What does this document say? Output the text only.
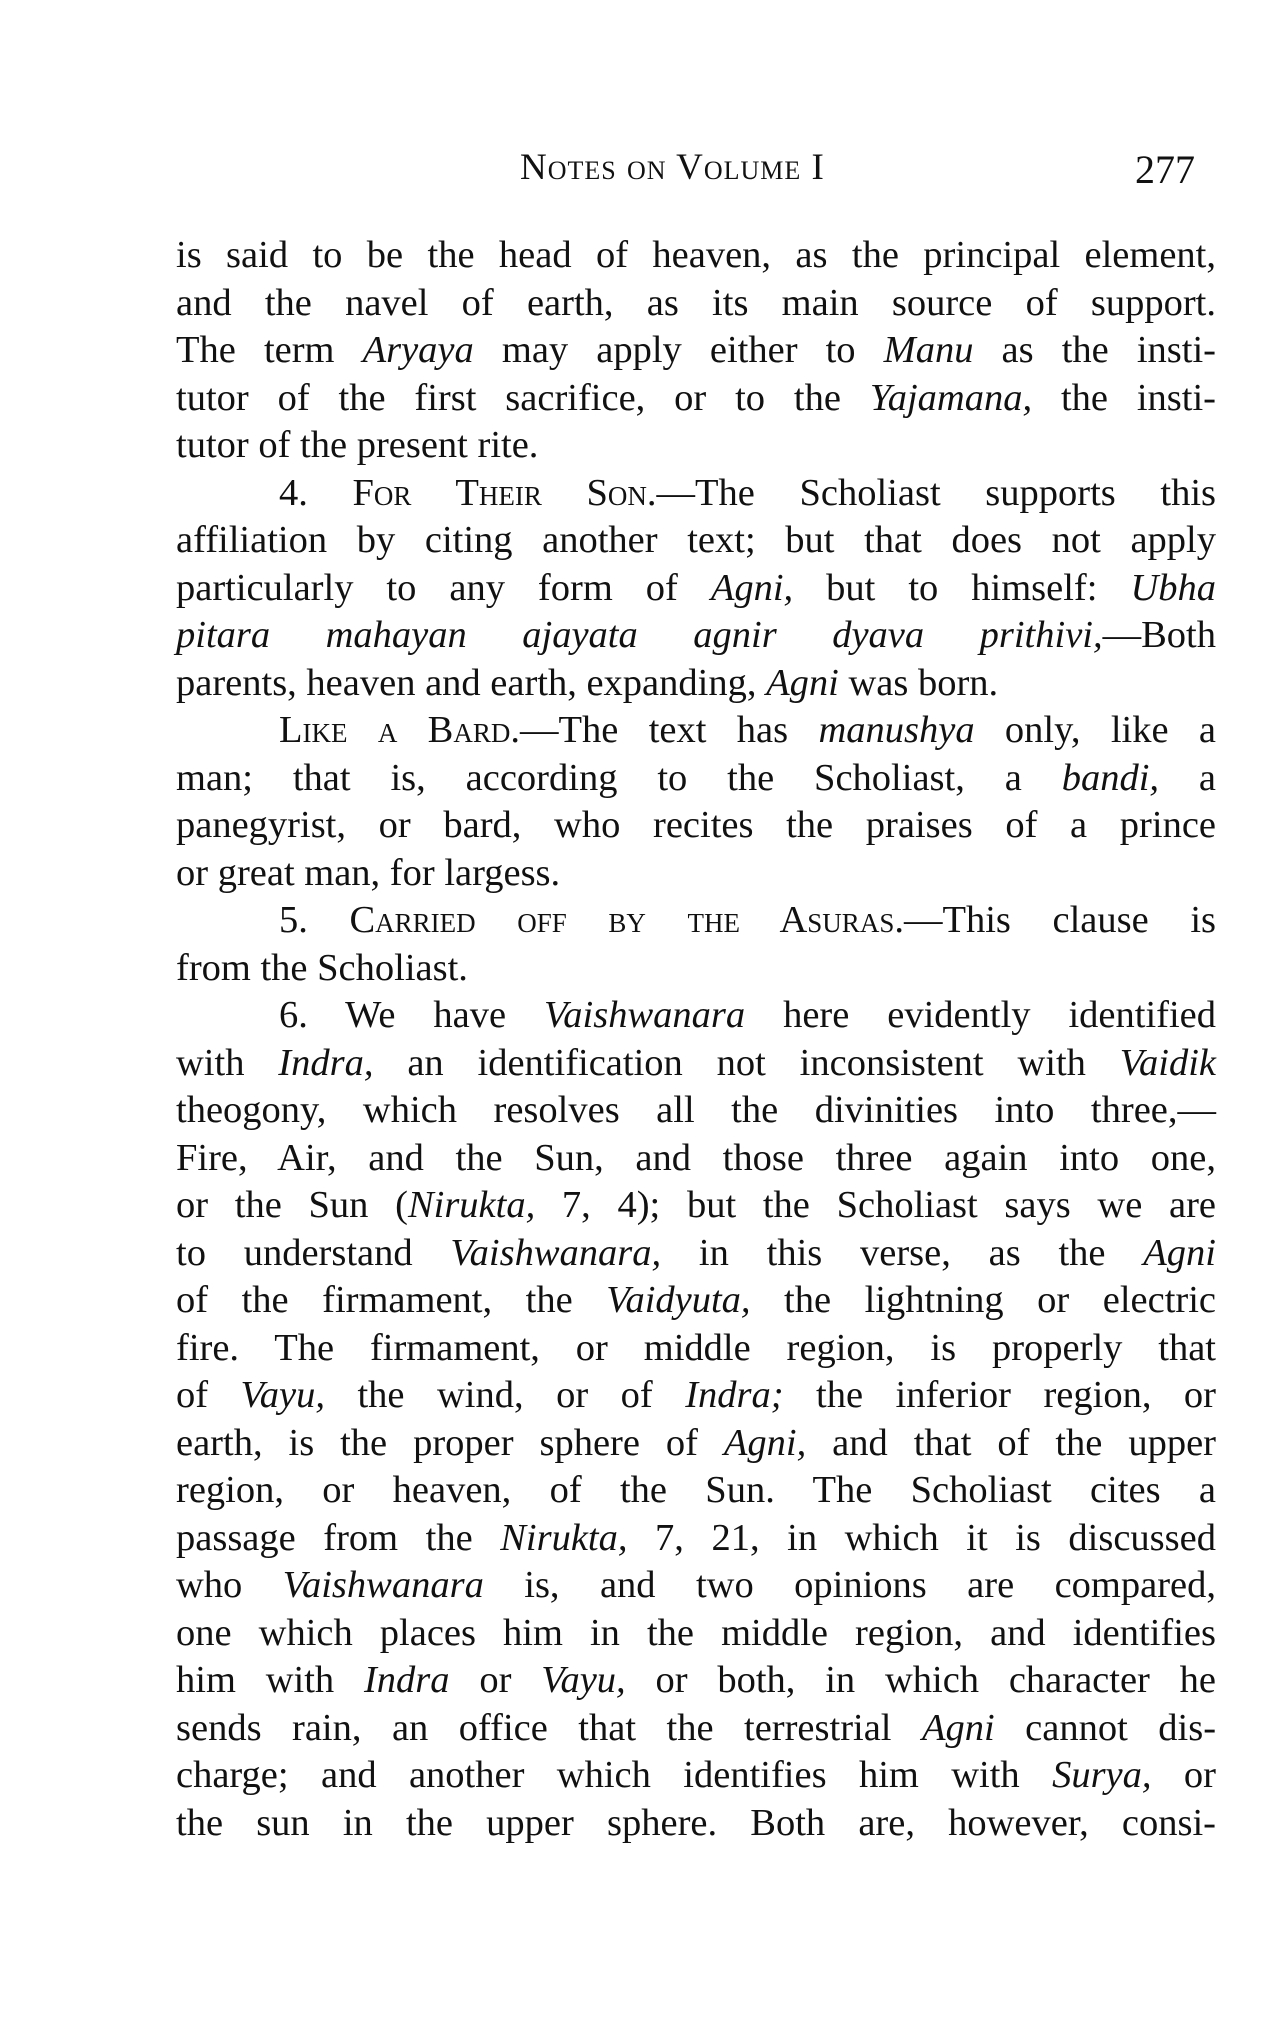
Notes on Volume I	277
is said to be the head of heaven, as the principal element,
and the navel of earth, as its main source of support.
The term Aryaya may apply either to Manu as the insti-
tutor of the first sacrifice, or to the Yajamana, the insti-
tutor of the present rite.
4. For Their Son.—The Scholiast supports this
affiliation by citing another text; but that does not apply
particularly to any form of Agni, but to himself: Ubha
pitara mahayan ajayata agnir dyava prithivi,—Both
parents, heaven and earth, expanding, Agni was born.
Like a Bard.—The text has manushya only, like a
man; that is, according to the Scholiast, a bandi, a
panegyrist, or bard, who recites the praises of a prince
or great man, for largess.
5. Carried off by the Asuras.—This clause is
from the Scholiast.
6. We have Vaishwanara here evidently identified
with Indra, an identification not inconsistent with Vaidik
theogony, which resolves all the divinities into three,—
Fire, Air, and the Sun, and those three again into one,
or the Sun (Nirukta, 7, 4); but the Scholiast says we are
to understand Vaishwanara, in this verse, as the Agni
of the firmament, the Vaidyuta, the lightning or electric
fire. The firmament, or middle region, is properly that
of Vayu, the wind, or of Indra; the inferior region, or
earth, is the proper sphere of Agni, and that of the upper
region, or heaven, of the Sun. The Scholiast cites a
passage from the Nirukta, 7, 21, in which it is discussed
who Vaishwanara is, and two opinions are compared,
one which places him in the middle region, and identifies
him with Indra or Vayu, or both, in which character he
sends rain, an office that the terrestrial Agni cannot dis-
charge; and another which identifies him with Surya, or
the sun in the upper sphere. Both are, however, consi-
